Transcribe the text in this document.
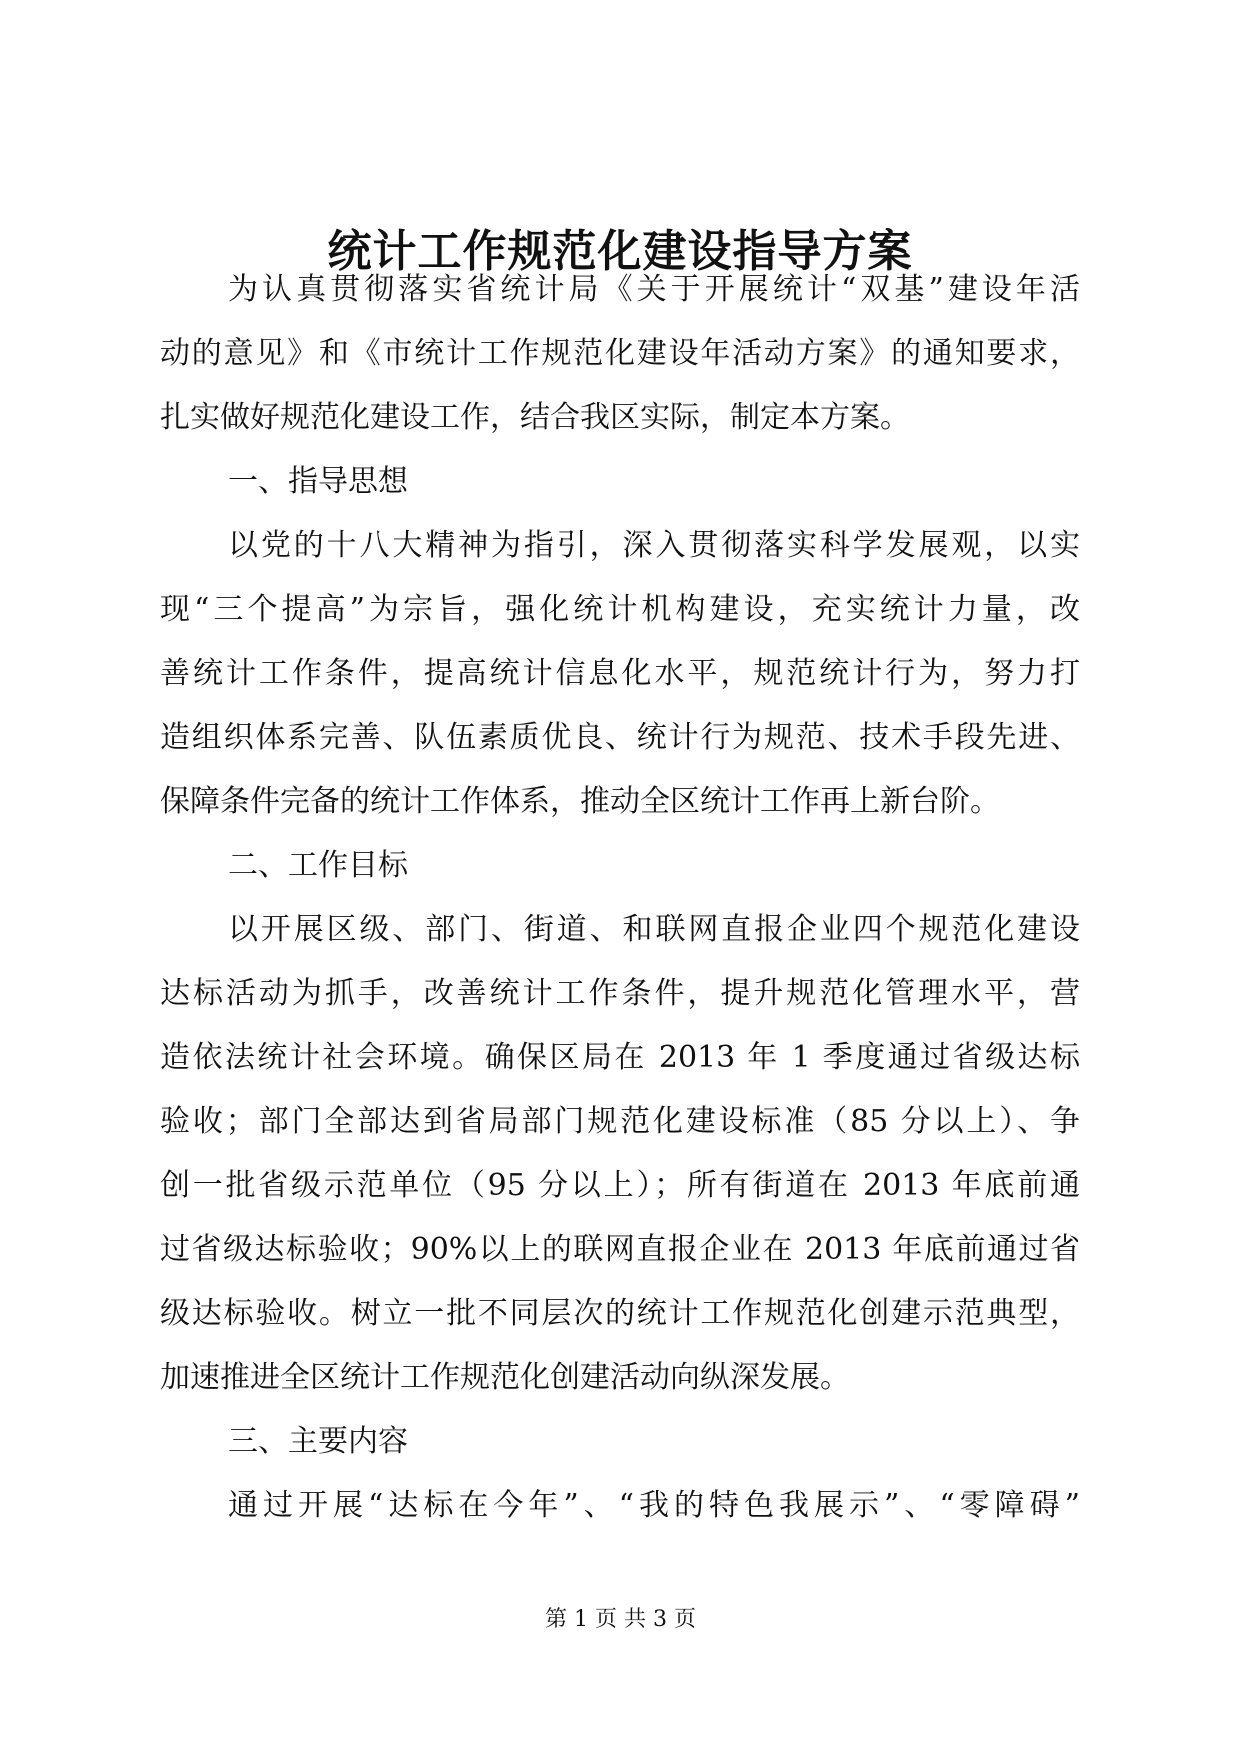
统计工作规范化建设指导方案
为认真贯彻落实省统计局《关于开展统计“双基”建设年活
动的意见》和《市统计工作规范化建设年活动方案》的通知要求，
扎实做好规范化建设工作，结合我区实际，制定本方案。
一、指导思想
以党的十八大精神为指引，深入贯彻落实科学发展观，以实
现“三个提高”为宗旨，强化统计机构建设，充实统计力量，改
善统计工作条件，提高统计信息化水平，规范统计行为，努力打
造组织体系完善、队伍素质优良、统计行为规范、技术手段先进、
保障条件完备的统计工作体系，推动全区统计工作再上新台阶。
二、工作目标
以开展区级、部门、街道、和联网直报企业四个规范化建设
达标活动为抓手，改善统计工作条件，提升规范化管理水平，营
造依法统计社会环境。确保区局在 2013 年 1 季度通过省级达标
验收；部门全部达到省局部门规范化建设标准（85 分以上）、争
创一批省级示范单位（95 分以上）；所有街道在 2013 年底前通
过省级达标验收；90%以上的联网直报企业在 2013 年底前通过省
级达标验收。树立一批不同层次的统计工作规范化创建示范典型，
加速推进全区统计工作规范化创建活动向纵深发展。
三、主要内容
通过开展“达标在今年”、“我的特色我展示”、“零障碍”
第 1 页 共 3 页
